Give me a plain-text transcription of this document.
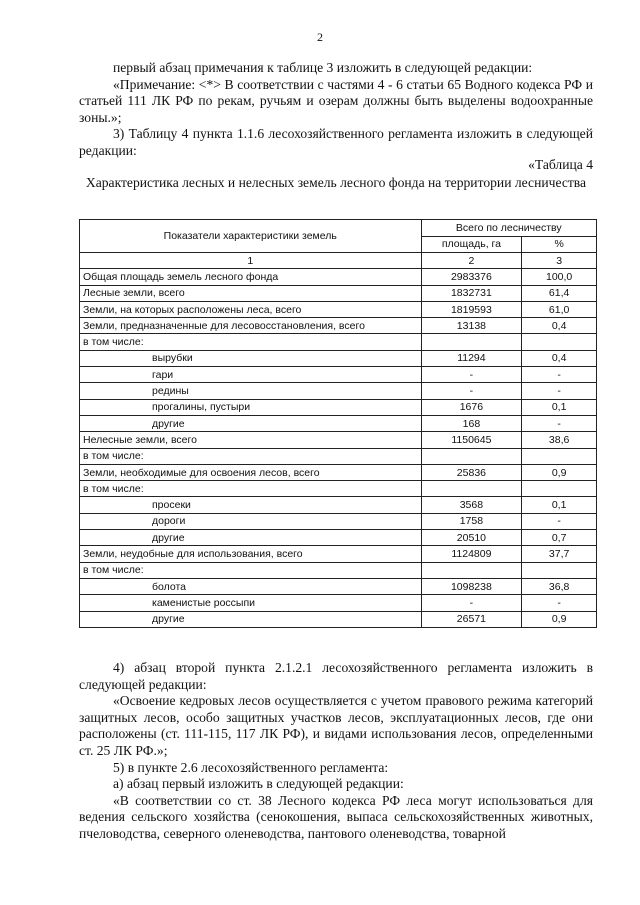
2

первый абзац примечания к таблице 3 изложить в следующей редакции:

«Примечание: <*> В соответствии с частями 4 - 6 статьи 65 Водного кодекса РФ и статьей 111 ЛК РФ по рекам, ручьям и озерам должны быть выделены водоохранные зоны.»;

3) Таблицу 4 пункта 1.1.6 лесохозяйственного регламента изложить в следующей редакции:

«Таблица 4
Характеристика лесных и нелесных земель лесного фонда на территории лесничества
Показатели характеристики земель	Всего по лесничеству	
	площадь, га	%
1	2	3
Общая площадь земель лесного фонда	2983376	100,0
Лесные земли, всего	1832731	61,4
Земли, на которых расположены леса, всего	1819593	61,0
Земли, предназначенные для лесовосстановления, всего	13138	0,4
в том числе:		
вырубки	11294	0,4
гари	-	-
редины	-	-
прогалины, пустыри	1676	0,1
другие	168	-
Нелесные земли, всего	1150645	38,6
в том числе:		
Земли, необходимые для освоения лесов, всего	25836	0,9
в том числе:		
просеки	3568	0,1
дороги	1758	-
другие	20510	0,7
Земли, неудобные для использования, всего	1124809	37,7
в том числе:		
болота	1098238	36,8
каменистые россыпи	-	-
другие	26571	0,9

4) абзац второй пункта 2.1.2.1 лесохозяйственного регламента изложить в следующей редакции:

«Освоение кедровых лесов осуществляется с учетом правового режима категорий защитных лесов, особо защитных участков лесов, эксплуатационных лесов, где они расположены (ст. 111-115, 117 ЛК РФ), и видами использования лесов, определенными ст. 25 ЛК РФ.»;

5) в пункте 2.6 лесохозяйственного регламента:

а) абзац первый изложить в следующей редакции:

«В соответствии со ст. 38 Лесного кодекса РФ леса могут использоваться для ведения сельского хозяйства (сенокошения, выпаса сельскохозяйственных животных, пчеловодства, северного оленеводства, пантового оленеводства, товарной
